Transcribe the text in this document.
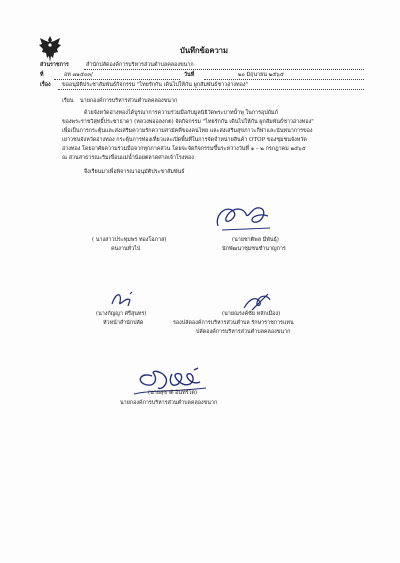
บันทึกข้อความ
ส่วนราชการ	สำนักปลัดองค์การบริหารส่วนตำบลคลองขนาก
ที่	อท ๗๑๕๐๓/	วันที่	๒๐ มิถุนายน ๒๕๖๕
เรื่อง ขออนุมัติประชาสัมพันธ์กิจกรรม "ไทยรักกัน เดินไปให้กัน ผูกสัมพันธ์ชาวอ่างทอง"
เรียน นายกองค์การบริหารส่วนตำบลคลองขนาก
ด้วยจังหวัดอ่างทองได้บูรณาการความร่วมมือกับมูลนิธิวัดพระบาทน้ำพุ ในการอุปถัมภ์
ของพระราชวิสุทธิ์ประชาธาดา (หลวงพ่ออลงกต) จัดกิจกรรม "ไทยรักกัน เดินไปให้กัน ผูกสัมพันธ์ชาวอ่างทอง"
เพื่อเป็นการกระตุ้นและส่งเสริมความรักความสามัคคีของคนไทย และส่งเสริมสุขภาวะกีฬาและนันทนาการของ
เยาวชนจังหวัดอ่างทอง กระตุ้นการท่องเที่ยวและเปิดพื้นที่ในการจัดจำหน่ายสินค้า OTOP ของชุมชนจังหวัด
อ่างทอง โดยอาศัยความร่วมมือจากทุกภาคส่วน โดยจะจัดกิจกรรมขึ้นระหว่างวันที่ ๑ – ๒ กรกฎาคม ๒๕๖๕
ณ สวนสาธารณะริมเขื่อนแม่น้ำน้อยตลาดศาลเจ้าโรงทอง
จึงเรียนมาเพื่อพิจารณาอนุมัติประชาสัมพันธ์
( นางสาวประทุมพร ทองโอภาส)
คนงานทั่วไป
(นายชาติพล มีพันธุ์)
นักพัฒนาชุมชนชำนาญการ
(นางกัญญา ศรีสุนทร)
หัวหน้าสำนักปลัด
(นายณรงค์ชัย หลักเมือง)
รองปลัดองค์การบริหารส่วนตำบล รักษาราชการแทน
ปลัดองค์การบริหารส่วนตำบลคลองขนาก
(นายสุชาติ อินทร์โต)
นายกองค์การบริหารส่วนตำบลคลองขนาก
